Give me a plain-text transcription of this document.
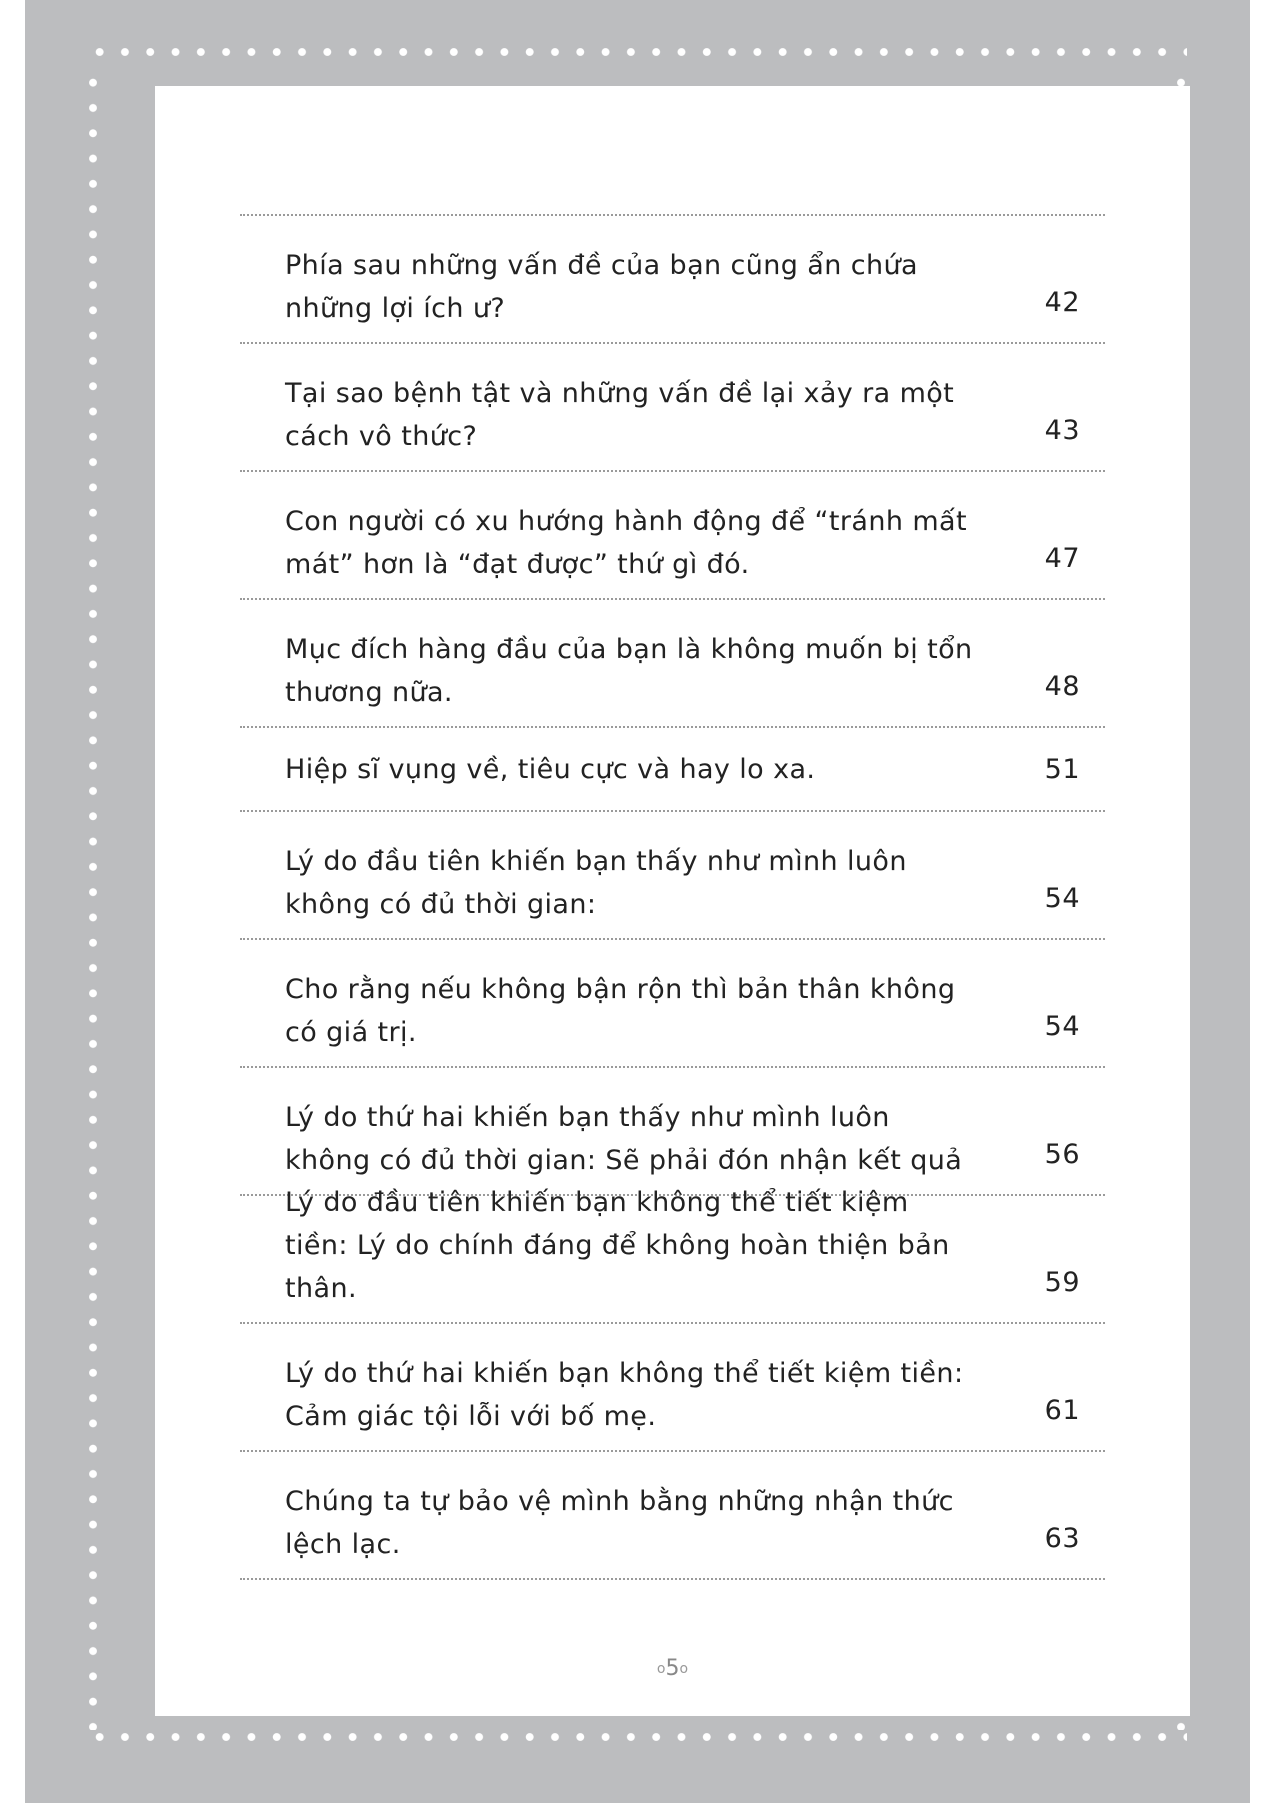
Phía sau những vấn đề của bạn cũng ẩn chứa những lợi ích ư?	42
Tại sao bệnh tật và những vấn đề lại xảy ra một cách vô thức?	43
Con người có xu hướng hành động để “tránh mất mát” hơn là “đạt được” thứ gì đó.	47
Mục đích hàng đầu của bạn là không muốn bị tổn thương nữa.	48
Hiệp sĩ vụng về, tiêu cực và hay lo xa.	51
Lý do đầu tiên khiến bạn thấy như mình luôn không có đủ thời gian:	54
Cho rằng nếu không bận rộn thì bản thân không có giá trị.	54
Lý do thứ hai khiến bạn thấy như mình luôn không có đủ thời gian: Sẽ phải đón nhận kết quả	56
Lý do đầu tiên khiến bạn không thể tiết kiệm tiền: Lý do chính đáng để không hoàn thiện bản thân.	59
Lý do thứ hai khiến bạn không thể tiết kiệm tiền: Cảm giác tội lỗi với bố mẹ.	61
Chúng ta tự bảo vệ mình bằng những nhận thức lệch lạc.	63
o5o
